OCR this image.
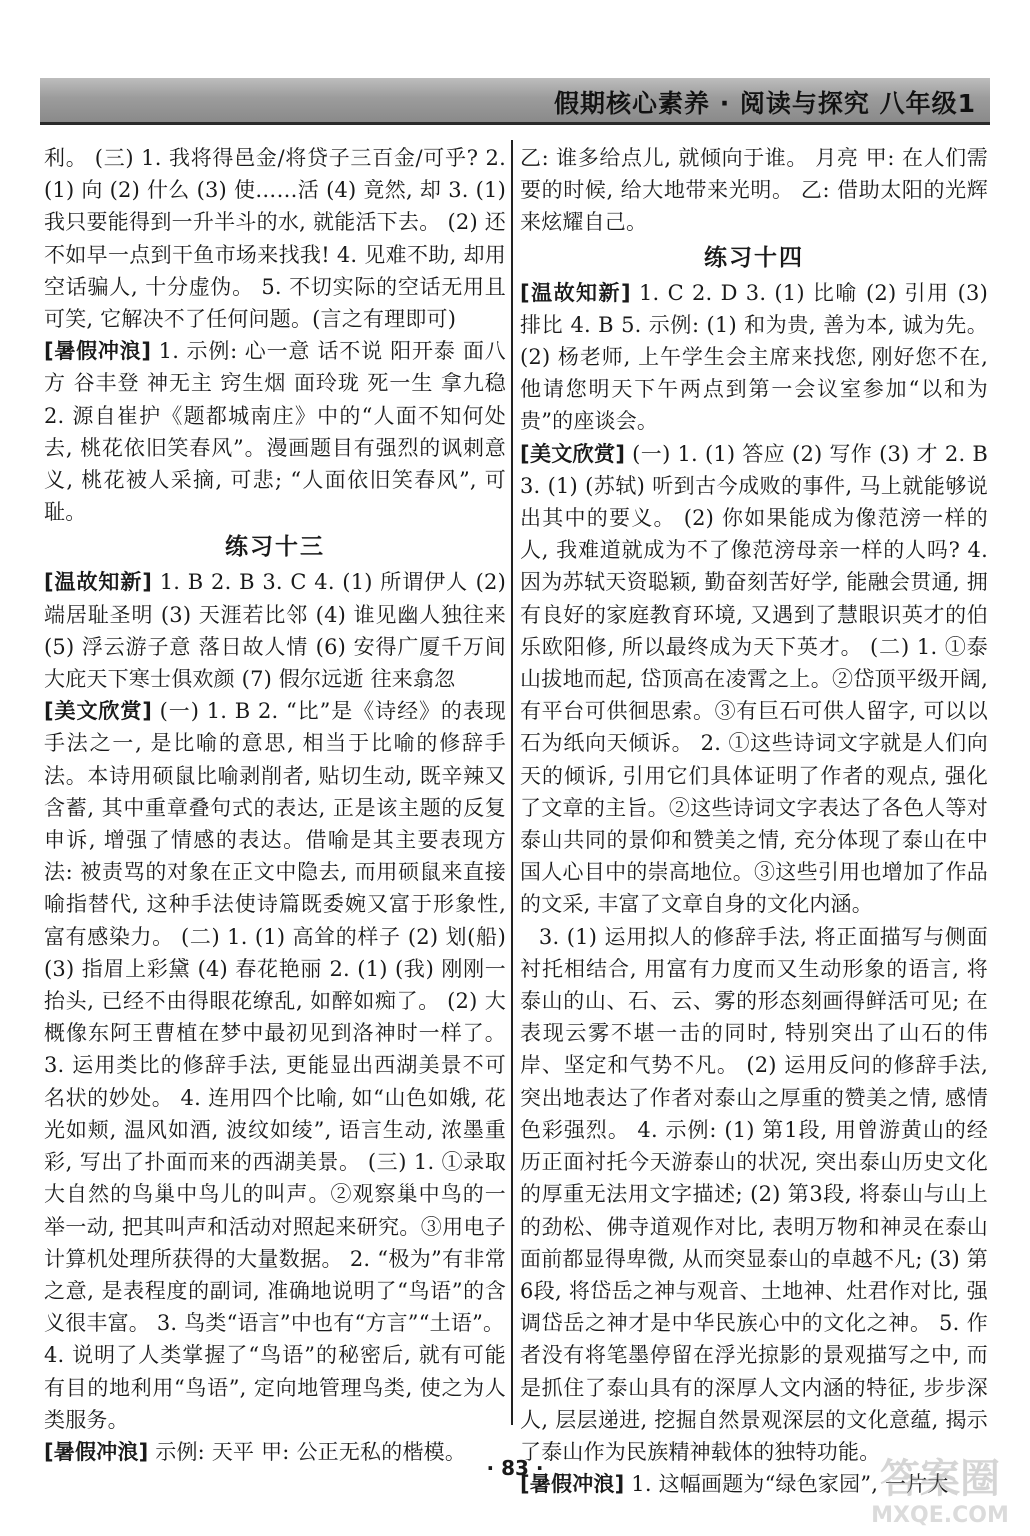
假期核心素养 · 阅读与探究 八年级1

利。 (三) 1. 我将得邑金/将贷子三百金/可乎? 2. (1) 向 (2) 什么 (3) 使……活 (4) 竟然, 却 3. (1) 我只要能得到一升半斗的水, 就能活下去。 (2) 还不如早一点到干鱼市场来找我! 4. 见难不助, 却用空话骗人, 十分虚伪。 5. 不切实际的空话无用且可笑, 它解决不了任何问题。(言之有理即可)

[暑假冲浪] 1. 示例: 心一意 话不说 阳开泰 面八方 谷丰登 神无主 窍生烟 面玲珑 死一生 拿九稳 2. 源自崔护《题都城南庄》中的“人面不知何处去, 桃花依旧笑春风”。漫画题目有强烈的讽刺意义, 桃花被人采摘, 可悲; “人面依旧笑春风”, 可耻。

练习十三

[温故知新] 1. B 2. B 3. C 4. (1) 所谓伊人 (2) 端居耻圣明 (3) 天涯若比邻 (4) 谁见幽人独往来 (5) 浮云游子意 落日故人情 (6) 安得广厦千万间 大庇天下寒士俱欢颜 (7) 假尔远逝 往来翕忽

[美文欣赏] (一) 1. B 2. “比”是《诗经》的表现手法之一, 是比喻的意思, 相当于比喻的修辞手法。本诗用硕鼠比喻剥削者, 贴切生动, 既辛辣又含蓄, 其中重章叠句式的表达, 正是该主题的反复申诉, 增强了情感的表达。借喻是其主要表现方法: 被责骂的对象在正文中隐去, 而用硕鼠来直接喻指替代, 这种手法使诗篇既委婉又富于形象性, 富有感染力。 (二) 1. (1) 高耸的样子 (2) 划(船) (3) 指眉上彩黛 (4) 春花艳丽 2. (1) (我) 刚刚一抬头, 已经不由得眼花缭乱, 如醉如痴了。 (2) 大概像东阿王曹植在梦中最初见到洛神时一样了。 3. 运用类比的修辞手法, 更能显出西湖美景不可名状的妙处。 4. 连用四个比喻, 如“山色如娥, 花光如颊, 温风如酒, 波纹如绫”, 语言生动, 浓墨重彩, 写出了扑面而来的西湖美景。 (三) 1. ①录取大自然的鸟巢中鸟儿的叫声。②观察巢中鸟的一举一动, 把其叫声和活动对照起来研究。③用电子计算机处理所获得的大量数据。 2. “极为”有非常之意, 是表程度的副词, 准确地说明了“鸟语”的含义很丰富。 3. 鸟类“语言”中也有“方言”“土语”。

4. 说明了人类掌握了“鸟语”的秘密后, 就有可能有目的地利用“鸟语”, 定向地管理鸟类, 使之为人类服务。

[暑假冲浪] 示例: 天平 甲: 公正无私的楷模。

乙: 谁多给点儿, 就倾向于谁。 月亮 甲: 在人们需要的时候, 给大地带来光明。 乙: 借助太阳的光辉来炫耀自己。

练习十四

[温故知新] 1. C 2. D 3. (1) 比喻 (2) 引用 (3) 排比 4. B 5. 示例: (1) 和为贵, 善为本, 诚为先。 (2) 杨老师, 上午学生会主席来找您, 刚好您不在, 他请您明天下午两点到第一会议室参加“以和为贵”的座谈会。

[美文欣赏] (一) 1. (1) 答应 (2) 写作 (3) 才 2. B 3. (1) (苏轼) 听到古今成败的事件, 马上就能够说出其中的要义。 (2) 你如果能成为像范滂一样的人, 我难道就成为不了像范滂母亲一样的人吗? 4. 因为苏轼天资聪颖, 勤奋刻苦好学, 能融会贯通, 拥有良好的家庭教育环境, 又遇到了慧眼识英才的伯乐欧阳修, 所以最终成为天下英才。 (二) 1. ①泰山拔地而起, 岱顶高在凌霄之上。②岱顶平级开阔, 有平台可供徊思索。③有巨石可供人留字, 可以以石为纸向天倾诉。 2. ①这些诗词文字就是人们向天的倾诉, 引用它们具体证明了作者的观点, 强化了文章的主旨。②这些诗词文字表达了各色人等对泰山共同的景仰和赞美之情, 充分体现了泰山在中国人心目中的崇高地位。③这些引用也增加了作品的文采, 丰富了文章自身的文化内涵。

3. (1) 运用拟人的修辞手法, 将正面描写与侧面衬托相结合, 用富有力度而又生动形象的语言, 将泰山的山、石、云、雾的形态刻画得鲜活可见; 在表现云雾不堪一击的同时, 特别突出了山石的伟岸、坚定和气势不凡。 (2) 运用反问的修辞手法, 突出地表达了作者对泰山之厚重的赞美之情, 感情色彩强烈。 4. 示例: (1) 第1段, 用曾游黄山的经历正面衬托今天游泰山的状况, 突出泰山历史文化的厚重无法用文字描述; (2) 第3段, 将泰山与山上的劲松、佛寺道观作对比, 表明万物和神灵在泰山面前都显得卑微, 从而突显泰山的卓越不凡; (3) 第6段, 将岱岳之神与观音、土地神、灶君作对比, 强调岱岳之神才是中华民族心中的文化之神。 5. 作者没有将笔墨停留在浮光掠影的景观描写之中, 而是抓住了泰山具有的深厚人文内涵的特征, 步步深人, 层层递进, 挖掘自然景观深层的文化意蕴, 揭示了泰山作为民族精神载体的独特功能。

[暑假冲浪] 1. 这幅画题为“绿色家园”, 一片大

· 83 ·	答案圈
MXQE.COM
